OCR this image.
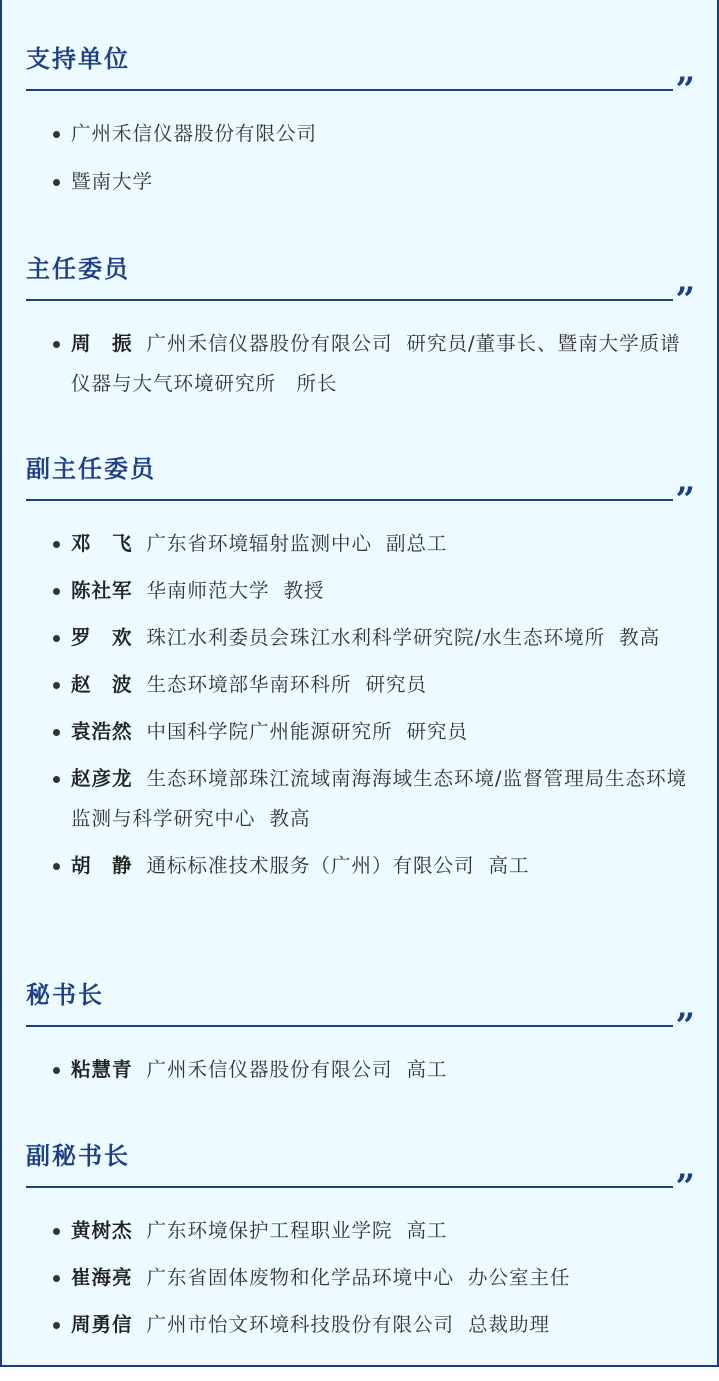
支持单位
”
广州禾信仪器股份有限公司
暨南大学
主任委员
”
周　振 广州禾信仪器股份有限公司 研究员/董事长、暨南大学质谱仪器与大气环境研究所　所长
副主任委员
”
邓　飞 广东省环境辐射监测中心 副总工
陈社军 华南师范大学 教授
罗　欢 珠江水利委员会珠江水利科学研究院/水生态环境所 教高
赵　波 生态环境部华南环科所 研究员
袁浩然 中国科学院广州能源研究所 研究员
赵彦龙 生态环境部珠江流域南海海域生态环境/监督管理局生态环境监测与科学研究中心 教高
胡　静 通标标准技术服务（广州）有限公司 高工
秘书长
”
粘慧青 广州禾信仪器股份有限公司 高工
副秘书长
”
黄树杰 广东环境保护工程职业学院 高工
崔海亮 广东省固体废物和化学品环境中心 办公室主任
周勇信 广州市怡文环境科技股份有限公司 总裁助理
